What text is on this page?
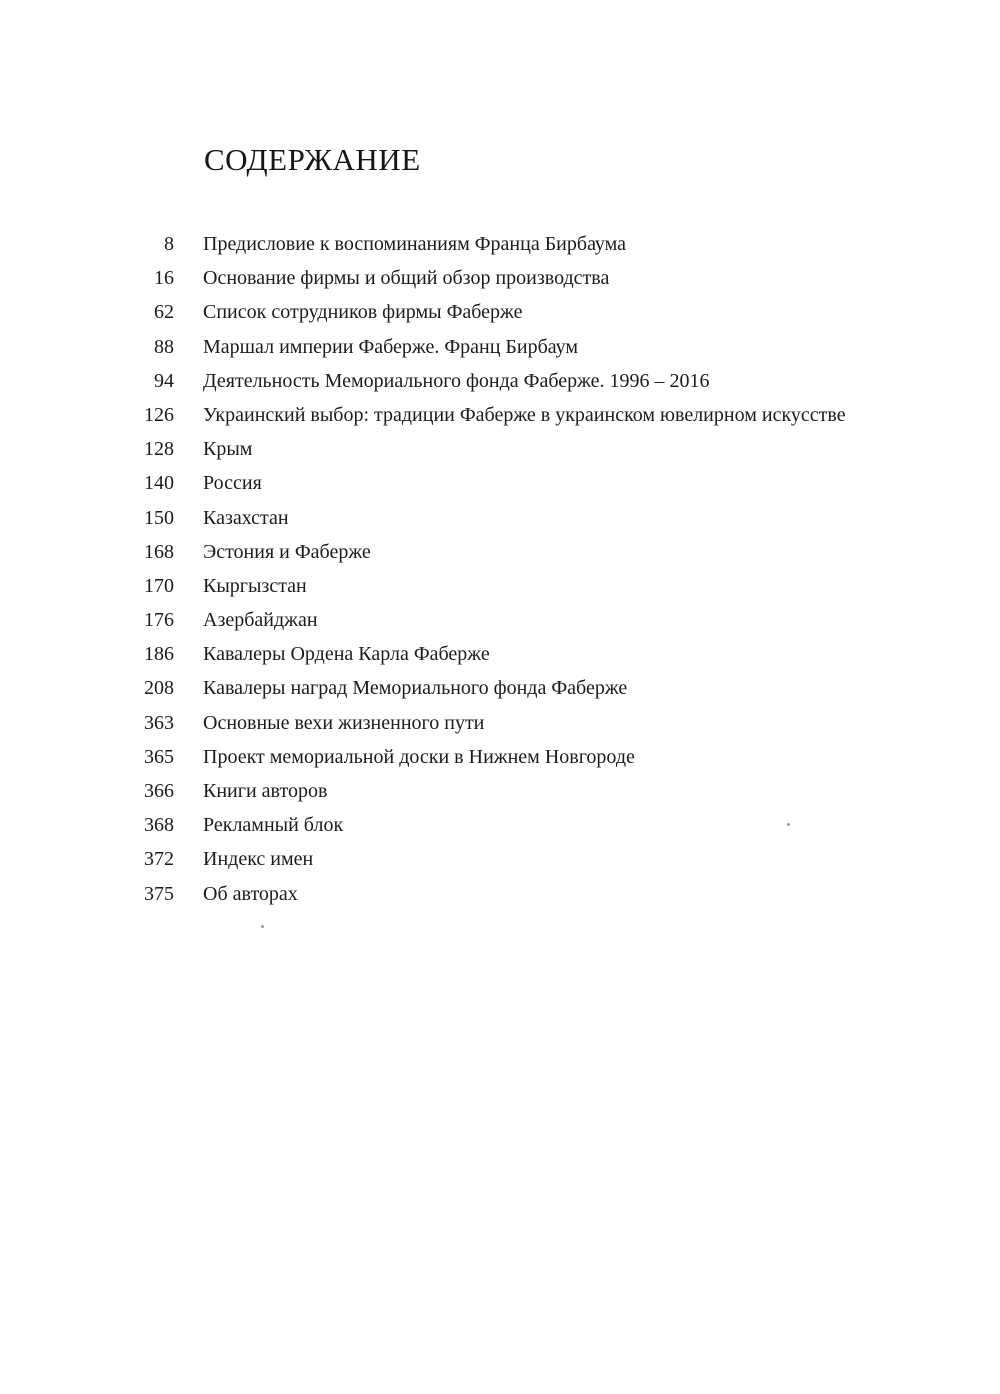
СОДЕРЖАНИЕ
8 Предисловие к воспоминаниям Франца Бирбаума
16 Основание фирмы и общий обзор производства
62 Список сотрудников фирмы Фаберже
88 Маршал империи Фаберже. Франц Бирбаум
94 Деятельность Мемориального фонда Фаберже. 1996 – 2016
126 Украинский выбор: традиции Фаберже в украинском ювелирном искусстве
128 Крым
140 Россия
150 Казахстан
168 Эстония и Фаберже
170 Кыргызстан
176 Азербайджан
186 Кавалеры Ордена Карла Фаберже
208 Кавалеры наград Мемориального фонда Фаберже
363 Основные вехи жизненного пути
365 Проект мемориальной доски в Нижнем Новгороде
366 Книги авторов
368 Рекламный блок
372 Индекс имен
375 Об авторах
